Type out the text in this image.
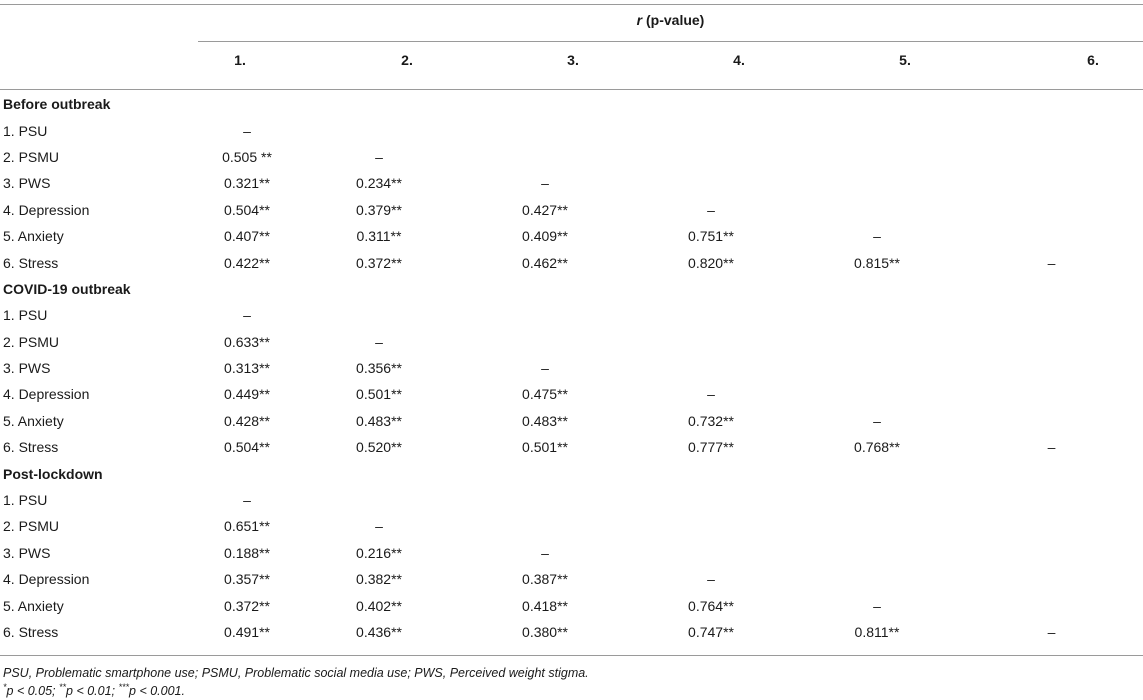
r (p-value)
1.	2.	3.	4.	5.	6.
Before outbreak						
1. PSU	–					
2. PSMU	0.505 **	–				
3. PWS	0.321**	0.234**	–			
4. Depression	0.504**	0.379**	0.427**	–		
5. Anxiety	0.407**	0.311**	0.409**	0.751**	–	
6. Stress	0.422**	0.372**	0.462**	0.820**	0.815**	–
COVID-19 outbreak						
1. PSU	–					
2. PSMU	0.633**	–				
3. PWS	0.313**	0.356**	–			
4. Depression	0.449**	0.501**	0.475**	–		
5. Anxiety	0.428**	0.483**	0.483**	0.732**	–	
6. Stress	0.504**	0.520**	0.501**	0.777**	0.768**	–
Post-lockdown						
1. PSU	–					
2. PSMU	0.651**	–				
3. PWS	0.188**	0.216**	–			
4. Depression	0.357**	0.382**	0.387**	–		
5. Anxiety	0.372**	0.402**	0.418**	0.764**	–	
6. Stress	0.491**	0.436**	0.380**	0.747**	0.811**	–
PSU, Problematic smartphone use; PSMU, Problematic social media use; PWS, Perceived weight stigma.
*p < 0.05; **p < 0.01; ***p < 0.001.
